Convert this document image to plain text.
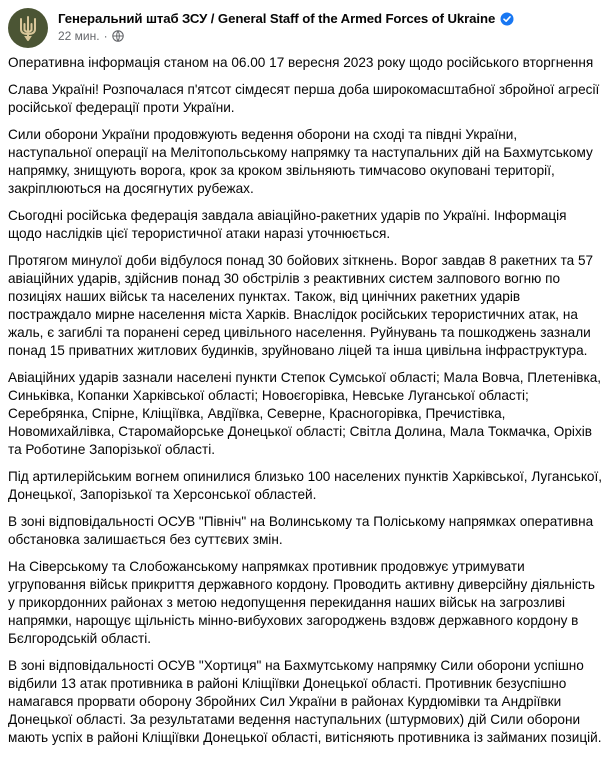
Генеральний штаб ЗСУ / General Staff of the Armed Forces of Ukraine
22 мин. ·

Оперативна інформація станом на 06.00 17 вересня 2023 року щодо російського вторгнення

Слава Україні! Розпочалася п'ятсот сімдесят перша доба широкомасштабної збройної агресії російської федерації проти України.

Сили оборони України продовжують ведення оборони на сході та півдні України, наступальної операції на Мелітопольському напрямку та наступальних дій на Бахмутському напрямку, знищують ворога, крок за кроком звільняють тимчасово окуповані території, закріплюються на досягнутих рубежах.

Сьогодні російська федерація завдала авіаційно-ракетних ударів по Україні. Інформація щодо наслідків цієї терористичної атаки наразі уточнюється.

Протягом минулої доби відбулося понад 30 бойових зіткнень. Ворог завдав 8 ракетних та 57 авіаційних ударів, здійснив понад 30 обстрілів з реактивних систем залпового вогню по позиціях наших військ та населених пунктах. Також, від цинічних ракетних ударів постраждало мирне населення міста Харків. Внаслідок російських терористичних атак, на жаль, є загиблі та поранені серед цивільного населення. Руйнувань та пошкоджень зазнали понад 15 приватних житлових будинків, зруйновано ліцей та інша цивільна інфраструктура.

Авіаційних ударів зазнали населені пункти Степок Сумської області; Мала Вовча, Плетенівка, Синьківка, Копанки Харківської області; Новоєгорівка, Невське Луганської області; Серебрянка, Спірне, Кліщіївка, Авдіївка, Северне, Красногорівка, Пречистівка, Новомихайлівка, Старомайорське Донецької області; Світла Долина, Мала Токмачка, Оріхів та Роботине Запорізької області.

Під артилерійським вогнем опинилися близько 100 населених пунктів Харківської, Луганської, Донецької, Запорізької та Херсонської областей.

В зоні відповідальності ОСУВ "Північ" на Волинському та Поліському напрямках оперативна обстановка залишається без суттєвих змін.

На Сіверському та Слобожанському напрямках противник продовжує утримувати угруповання військ прикриття державного кордону. Проводить активну диверсійну діяльність у прикордонних районах з метою недопущення перекидання наших військ на загрозливі напрямки, нарощує щільність мінно-вибухових загороджень вздовж державного кордону в Бєлгородській області.

В зоні відповідальності ОСУВ "Хортиця" на Бахмутському напрямку Сили оборони успішно відбили 13 атак противника в районі Кліщіївки Донецької області. Противник безуспішно намагався прорвати оборону Збройних Сил України в районах Курдюмівки та Андріївки Донецької області. За результатами ведення наступальних (штурмових) дій Сили оборони мають успіх в районі Кліщіївки Донецької області, витісняють противника із займаних позицій.
